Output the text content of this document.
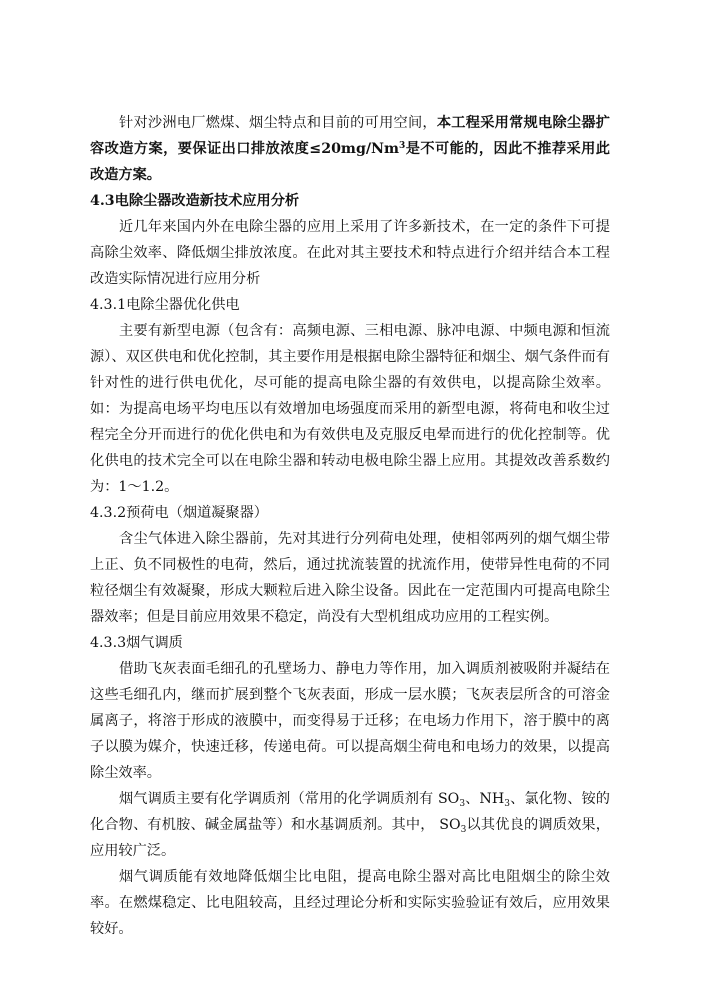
针对沙洲电厂燃煤、烟尘特点和目前的可用空间，本工程采用常规电除尘器扩容改造方案，要保证出口排放浓度$\le 20mg/Nm^3$是不可能的，因此不推荐采用此改造方案。

4.3电除尘器改造新技术应用分析

近几年来国内外在电除尘器的应用上采用了许多新技术，在一定的条件下可提高除尘效率、降低烟尘排放浓度。在此对其主要技术和特点进行介绍并结合本工程改造实际情况进行应用分析

4.3.1电除尘器优化供电

主要有新型电源（包含有：高频电源、三相电源、脉冲电源、中频电源和恒流源）、双区供电和优化控制，其主要作用是根据电除尘器特征和烟尘、烟气条件而有针对性的进行供电优化，尽可能的提高电除尘器的有效供电，以提高除尘效率。如：为提高电场平均电压以有效增加电场强度而采用的新型电源，将荷电和收尘过程完全分开而进行的优化供电和为有效供电及克服反电晕而进行的优化控制等。优化供电的技术完全可以在电除尘器和转动电极电除尘器上应用。其提效改善系数约为：1～1.2。

4.3.2预荷电（烟道凝聚器）

含尘气体进入除尘器前，先对其进行分列荷电处理，使相邻两列的烟气烟尘带上正、负不同极性的电荷，然后，通过扰流装置的扰流作用，使带异性电荷的不同粒径烟尘有效凝聚，形成大颗粒后进入除尘设备。因此在一定范围内可提高电除尘器效率；但是目前应用效果不稳定，尚没有大型机组成功应用的工程实例。

4.3.3烟气调质

借助飞灰表面毛细孔的孔壁场力、静电力等作用，加入调质剂被吸附并凝结在这些毛细孔内，继而扩展到整个飞灰表面，形成一层水膜；飞灰表层所含的可溶金属离子，将溶于形成的液膜中，而变得易于迁移；在电场力作用下，溶于膜中的离子以膜为媒介，快速迁移，传递电荷。可以提高烟尘荷电和电场力的效果，以提高除尘效率。

烟气调质主要有化学调质剂（常用的化学调质剂有 $SO_3$、$NH_3$、氯化物、铵的化合物、有机胺、碱金属盐等）和水基调质剂。其中， $SO_3$以其优良的调质效果，应用较广泛。

烟气调质能有效地降低烟尘比电阻，提高电除尘器对高比电阻烟尘的除尘效率。在燃煤稳定、比电阻较高，且经过理论分析和实际实验验证有效后，应用效果较好。
